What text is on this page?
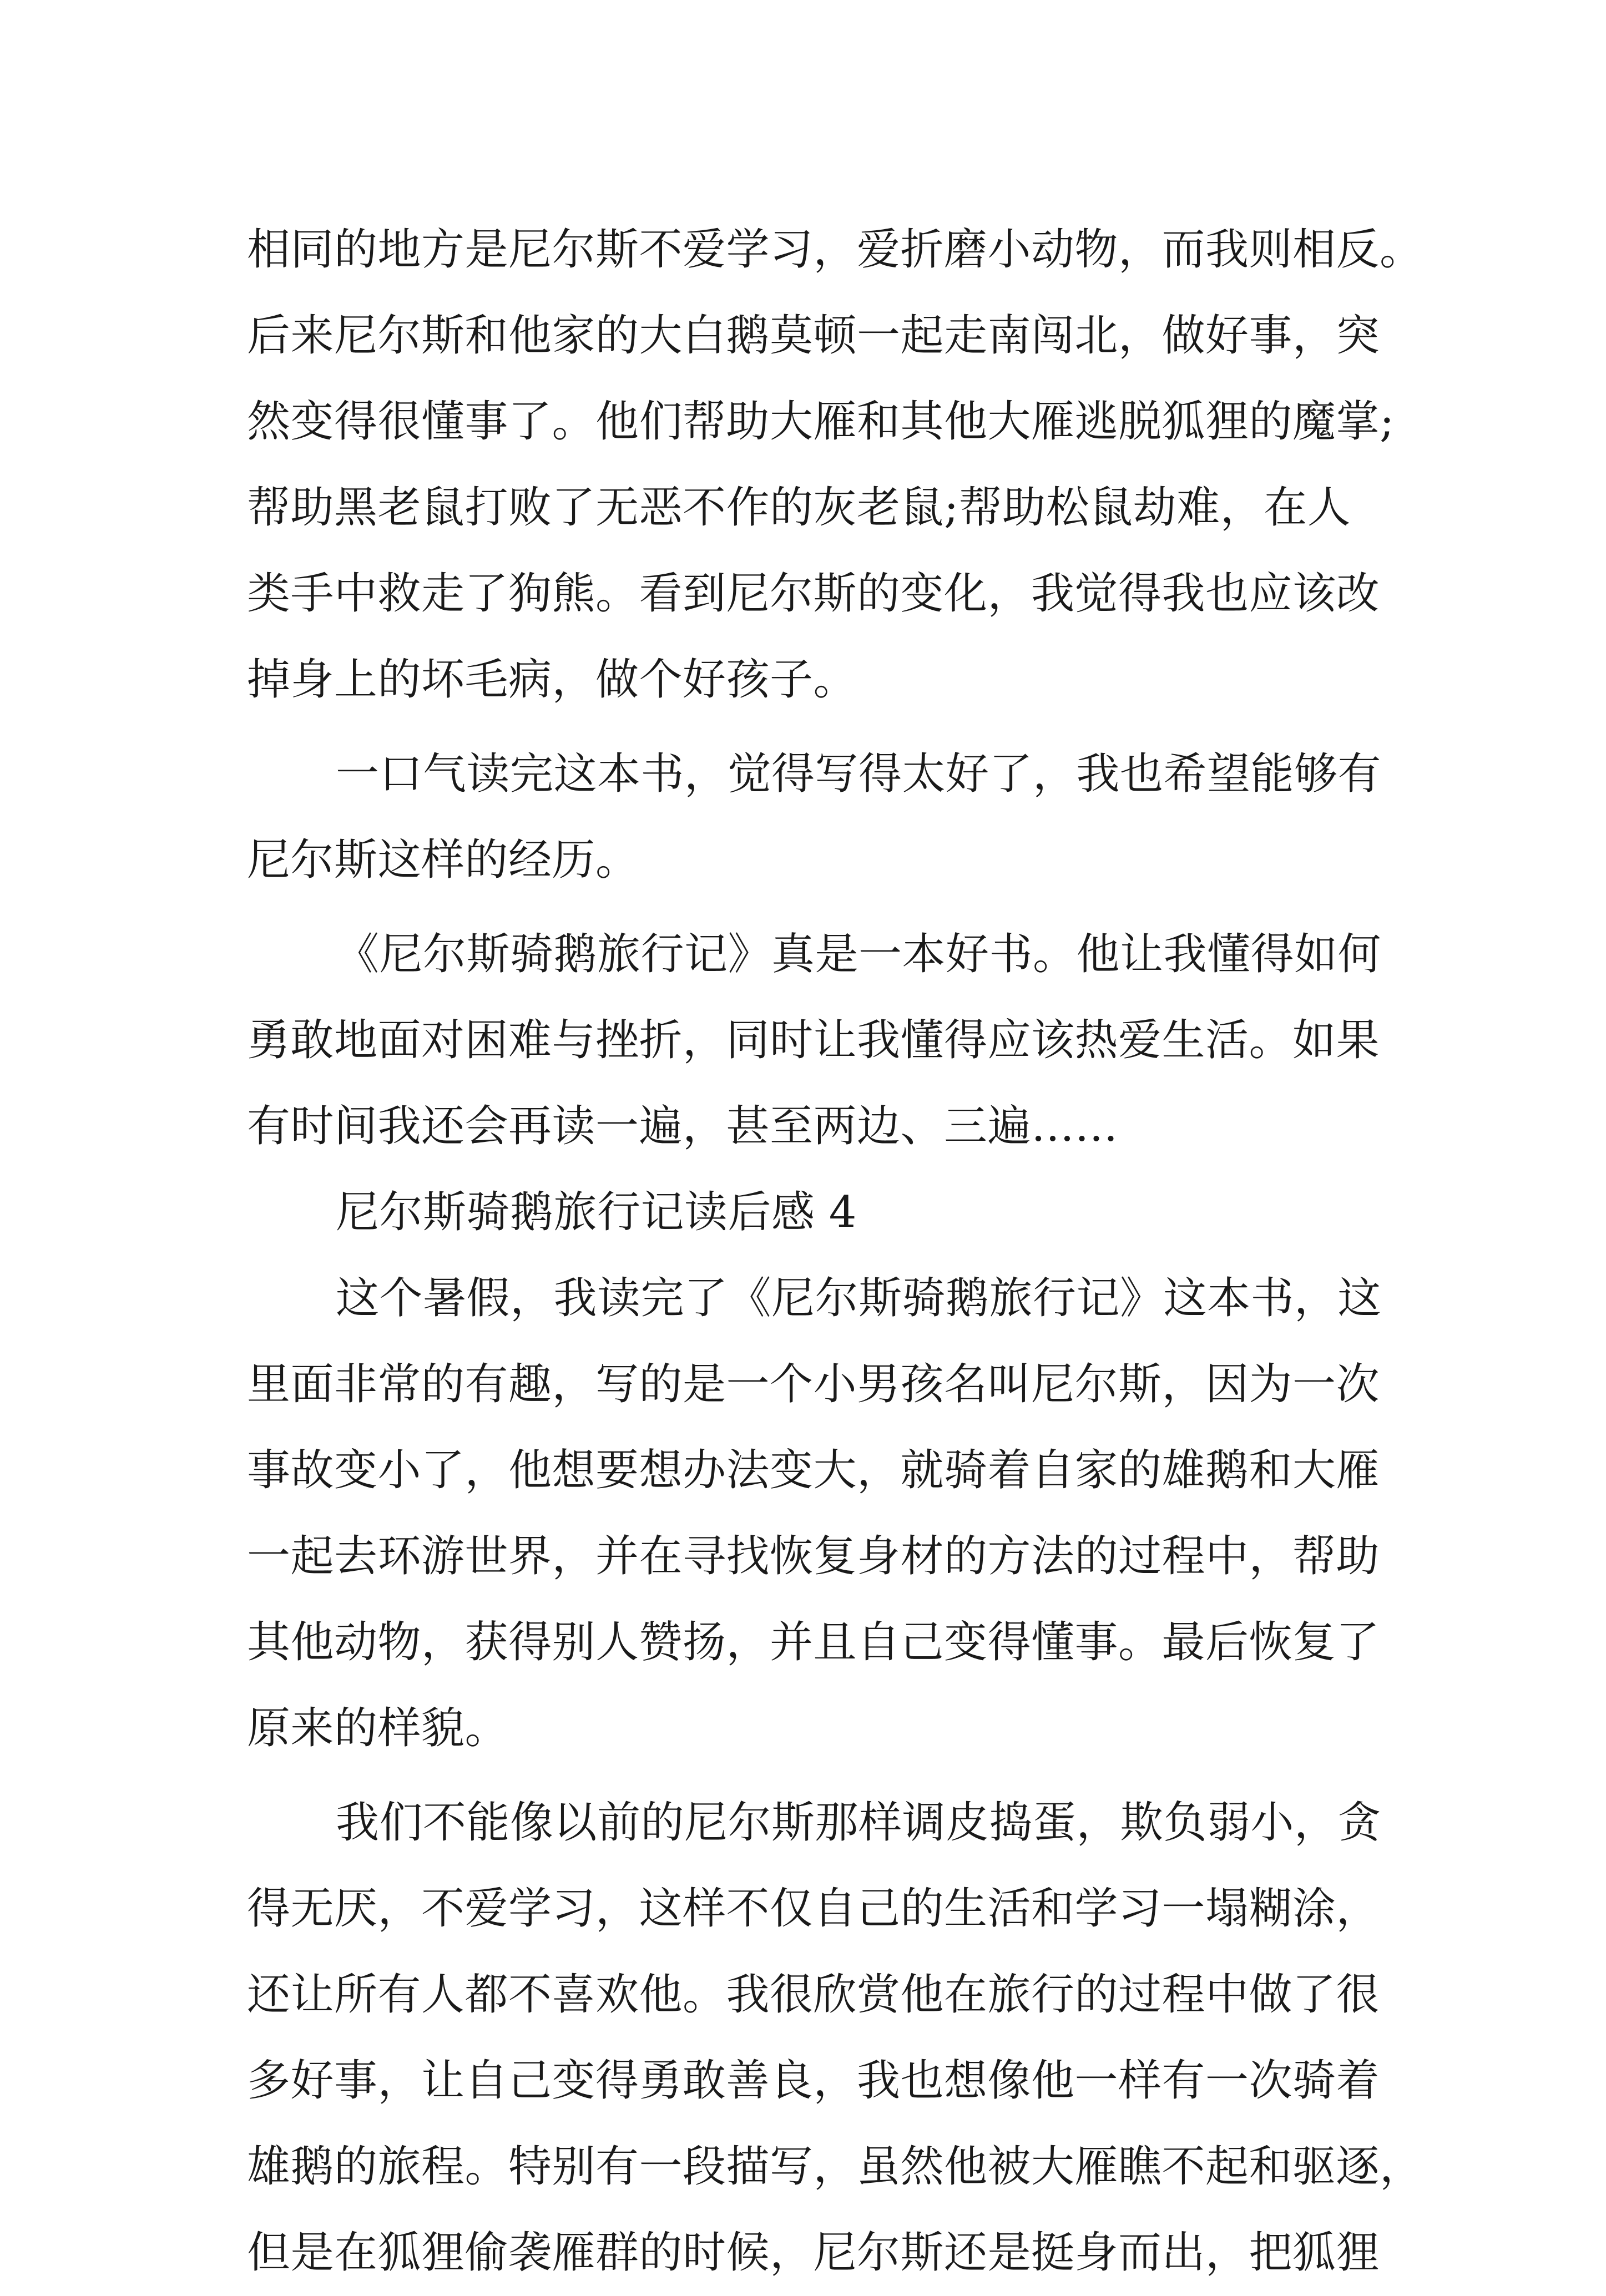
相同的地方是尼尔斯不爱学习，爱折磨小动物，而我则相反。
后来尼尔斯和他家的大白鹅莫顿一起走南闯北，做好事，突
然变得很懂事了。他们帮助大雁和其他大雁逃脱狐狸的魔掌;
帮助黑老鼠打败了无恶不作的灰老鼠;帮助松鼠劫难，在人
类手中救走了狗熊。看到尼尔斯的变化，我觉得我也应该改
掉身上的坏毛病，做个好孩子。
一口气读完这本书，觉得写得太好了，我也希望能够有
尼尔斯这样的经历。
《尼尔斯骑鹅旅行记》真是一本好书。他让我懂得如何
勇敢地面对困难与挫折，同时让我懂得应该热爱生活。如果
有时间我还会再读一遍，甚至两边、三遍……
尼尔斯骑鹅旅行记读后感 4
这个暑假，我读完了《尼尔斯骑鹅旅行记》这本书，这
里面非常的有趣，写的是一个小男孩名叫尼尔斯，因为一次
事故变小了，他想要想办法变大，就骑着自家的雄鹅和大雁
一起去环游世界，并在寻找恢复身材的方法的过程中，帮助
其他动物，获得别人赞扬，并且自己变得懂事。最后恢复了
原来的样貌。
我们不能像以前的尼尔斯那样调皮捣蛋，欺负弱小，贪
得无厌，不爱学习，这样不仅自己的生活和学习一塌糊涂，
还让所有人都不喜欢他。我很欣赏他在旅行的过程中做了很
多好事，让自己变得勇敢善良，我也想像他一样有一次骑着
雄鹅的旅程。特别有一段描写，虽然他被大雁瞧不起和驱逐，
但是在狐狸偷袭雁群的时候，尼尔斯还是挺身而出，把狐狸
